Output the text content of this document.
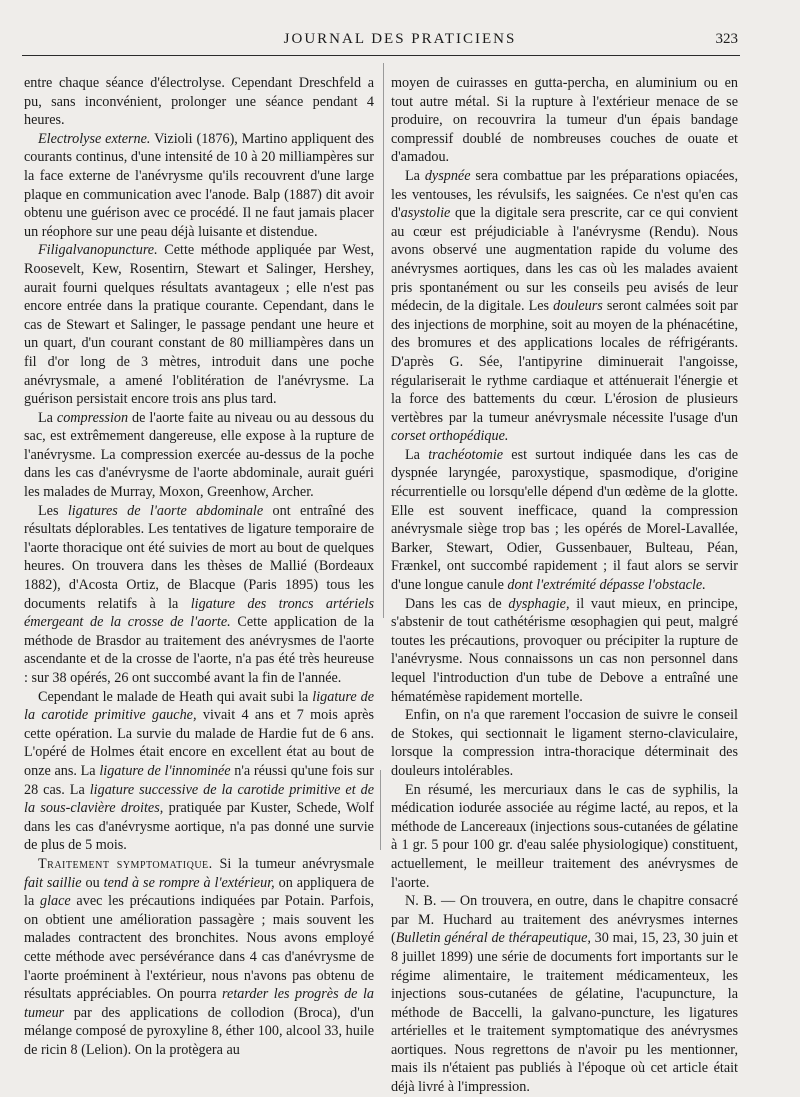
JOURNAL DES PRATICIENS	323

entre chaque séance d'électrolyse. Cependant Dreschfeld a pu, sans inconvénient, prolonger une séance pendant 4 heures.

Electrolyse externe. Vizioli (1876), Martino appliquent des courants continus, d'une intensité de 10 à 20 milliampères sur la face externe de l'anévrysme qu'ils recouvrent d'une large plaque en communication avec l'anode. Balp (1887) dit avoir obtenu une guérison avec ce procédé. Il ne faut jamais placer un réophore sur une peau déjà luisante et distendue.

Filigalvanopuncture. Cette méthode appliquée par West, Roosevelt, Kew, Rosentirn, Stewart et Salinger, Hershey, aurait fourni quelques résultats avantageux ; elle n'est pas encore entrée dans la pratique courante. Cependant, dans le cas de Stewart et Salinger, le passage pendant une heure et un quart, d'un courant constant de 80 milliampères dans un fil d'or long de 3 mètres, introduit dans une poche anévrysmale, a amené l'oblitération de l'anévrysme. La guérison persistait encore trois ans plus tard.

La compression de l'aorte faite au niveau ou au dessous du sac, est extrêmement dangereuse, elle expose à la rupture de l'anévrysme. La compression exercée au-dessus de la poche dans les cas d'anévrysme de l'aorte abdominale, aurait guéri les malades de Murray, Moxon, Greenhow, Archer.

Les ligatures de l'aorte abdominale ont entraîné des résultats déplorables. Les tentatives de ligature temporaire de l'aorte thoracique ont été suivies de mort au bout de quelques heures. On trouvera dans les thèses de Mallié (Bordeaux 1882), d'Acosta Ortiz, de Blacque (Paris 1895) tous les documents relatifs à la ligature des troncs artériels émergeant de la crosse de l'aorte. Cette application de la méthode de Brasdor au traitement des anévrysmes de l'aorte ascendante et de la crosse de l'aorte, n'a pas été très heureuse : sur 38 opérés, 26 ont succombé avant la fin de l'année.

Cependant le malade de Heath qui avait subi la ligature de la carotide primitive gauche, vivait 4 ans et 7 mois après cette opération. La survie du malade de Hardie fut de 6 ans. L'opéré de Holmes était encore en excellent état au bout de onze ans. La ligature de l'innominée n'a réussi qu'une fois sur 28 cas. La ligature successive de la carotide primitive et de la sous-clavière droites, pratiquée par Kuster, Schede, Wolf dans les cas d'anévrysme aortique, n'a pas donné une survie de plus de 5 mois.

Traitement symptomatique. Si la tumeur anévrysmale fait saillie ou tend à se rompre à l'extérieur, on appliquera de la glace avec les précautions indiquées par Potain. Parfois, on obtient une amélioration passagère ; mais souvent les malades contractent des bronchites. Nous avons employé cette méthode avec persévérance dans 4 cas d'anévrysme de l'aorte proéminent à l'extérieur, nous n'avons pas obtenu de résultats appréciables. On pourra retarder les progrès de la tumeur par des applications de collodion (Broca), d'un mélange composé de pyroxyline 8, éther 100, alcool 33, huile de ricin 8 (Lelion). On la protègera au

moyen de cuirasses en gutta-percha, en aluminium ou en tout autre métal. Si la rupture à l'extérieur menace de se produire, on recouvrira la tumeur d'un épais bandage compressif doublé de nombreuses couches de ouate et d'amadou.

La dyspnée sera combattue par les préparations opiacées, les ventouses, les révulsifs, les saignées. Ce n'est qu'en cas d'asystolie que la digitale sera prescrite, car ce qui convient au cœur est préjudiciable à l'anévrysme (Rendu). Nous avons observé une augmentation rapide du volume des anévrysmes aortiques, dans les cas où les malades avaient pris spontanément ou sur les conseils peu avisés de leur médecin, de la digitale. Les douleurs seront calmées soit par des injections de morphine, soit au moyen de la phénacétine, des bromures et des applications locales de réfrigérants. D'après G. Sée, l'antipyrine diminuerait l'angoisse, régulariserait le rythme cardiaque et atténuerait l'énergie et la force des battements du cœur. L'érosion de plusieurs vertèbres par la tumeur anévrysmale nécessite l'usage d'un corset orthopédique.

La trachéotomie est surtout indiquée dans les cas de dyspnée laryngée, paroxystique, spasmodique, d'origine récurrentielle ou lorsqu'elle dépend d'un œdème de la glotte. Elle est souvent inefficace, quand la compression anévrysmale siège trop bas ; les opérés de Morel-Lavallée, Barker, Stewart, Odier, Gussenbauer, Bulteau, Péan, Frænkel, ont succombé rapidement ; il faut alors se servir d'une longue canule dont l'extrémité dépasse l'obstacle.

Dans les cas de dysphagie, il vaut mieux, en principe, s'abstenir de tout cathétérisme œsophagien qui peut, malgré toutes les précautions, provoquer ou précipiter la rupture de l'anévrysme. Nous connaissons un cas non personnel dans lequel l'introduction d'un tube de Debove a entraîné une hématémèse rapidement mortelle.

Enfin, on n'a que rarement l'occasion de suivre le conseil de Stokes, qui sectionnait le ligament sterno-claviculaire, lorsque la compression intra-thoracique déterminait des douleurs intolérables.

En résumé, les mercuriaux dans le cas de syphilis, la médication iodurée associée au régime lacté, au repos, et la méthode de Lancereaux (injections sous-cutanées de gélatine à 1 gr. 5 pour 100 gr. d'eau salée physiologique) constituent, actuellement, le meilleur traitement des anévrysmes de l'aorte.

N. B. — On trouvera, en outre, dans le chapitre consacré par M. Huchard au traitement des anévrysmes internes (Bulletin général de thérapeutique, 30 mai, 15, 23, 30 juin et 8 juillet 1899) une série de documents fort importants sur le régime alimentaire, le traitement médicamenteux, les injections sous-cutanées de gélatine, l'acupuncture, la méthode de Baccelli, la galvano-puncture, les ligatures artérielles et le traitement symptomatique des anévrysmes aortiques. Nous regrettons de n'avoir pu les mentionner, mais ils n'étaient pas publiés à l'époque où cet article était déjà livré à l'impression.
